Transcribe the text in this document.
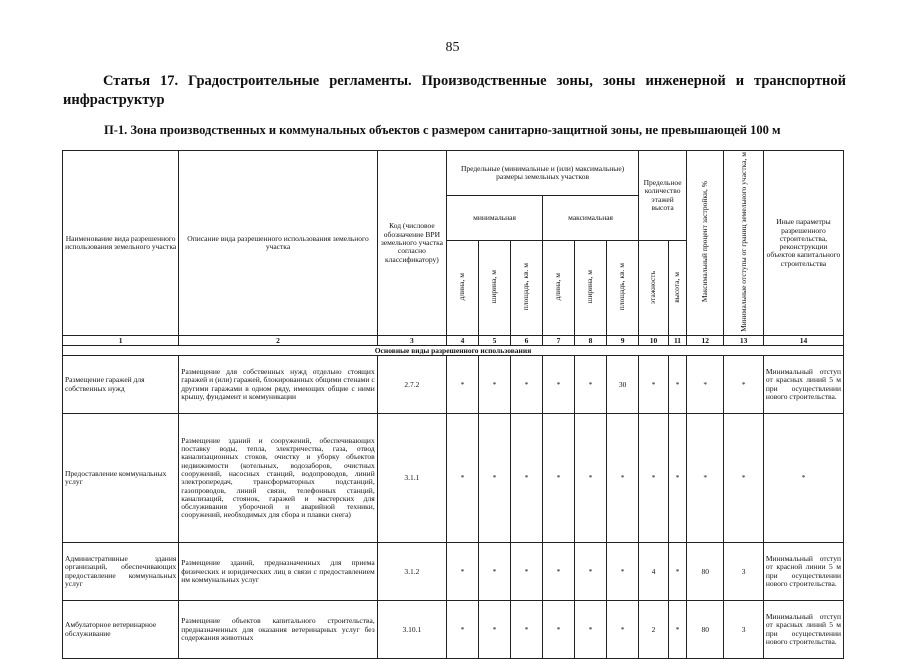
85
Статья 17. Градостроительные регламенты. Производственные зоны, зоны инженерной и транспортной инфраструктур
П-1. Зона производственных и коммунальных объектов с размером санитарно-защитной зоны, не превышающей 100 м
Наименование вида разрешенного использования земельного участка	Описание вида разрешенного использования земельного участка	Код (числовое обозначение ВРИ земельного участка согласно классификатору)	Предельные (минимальные и (или) максимальные) размеры земельных участков						Предельное количество этажей высота		Максимальный процент застройки, %	Минимальные отступы от границ земельного участка, м	Иные параметры разрешенного строительства, реконструкции объектов капитального строительства
			минимальная			максимальная							
			длина, м	ширина, м	площадь, кв. м	длина, м	ширина, м	площадь, кв. м	этажность	высота, м			
1	2	3	4	5	6	7	8	9	10	11	12	13	14
Основные виды разрешенного использования													
Размещение гаражей для собственных нужд	Размещение для собственных нужд отдельно стоящих гаражей и (или) гаражей, блокированных общими стенами с другими гаражами в одном ряду, имеющих общие с ними крышу, фундамент и коммуникации	2.7.2	*	*	*	*	*	30	*	*	*	*	Минимальный отступ от красных линий 5 м при осуществлении нового строительства.
Предоставление коммунальных услуг	Размещение зданий и сооружений, обеспечивающих поставку воды, тепла, электричества, газа, отвод канализационных стоков, очистку и уборку объектов недвижимости (котельных, водозаборов, очистных сооружений, насосных станций, водопроводов, линий электропередач, трансформаторных подстанций, газопроводов, линий связи, телефонных станций, канализаций, стоянок, гаражей и мастерских для обслуживания уборочной и аварийной техники, сооружений, необходимых для сбора и плавки снега)	3.1.1	*	*	*	*	*	*	*	*	*	*	*
Административные здания организаций, обеспечивающих предоставление коммунальных услуг	Размещение зданий, предназначенных для приема физических и юридических лиц в связи с предоставлением им коммунальных услуг	3.1.2	*	*	*	*	*	*	4	*	80	3	Минимальный отступ от красной линии 5 м при осуществлении нового строительства.
Амбулаторное ветеринарное обслуживание	Размещение объектов капитального строительства, предназначенных для оказания ветеринарных услуг без содержания животных	3.10.1	*	*	*	*	*	*	2	*	80	3	Минимальный отступ от красных линий 5 м при осуществлении нового строительства.
